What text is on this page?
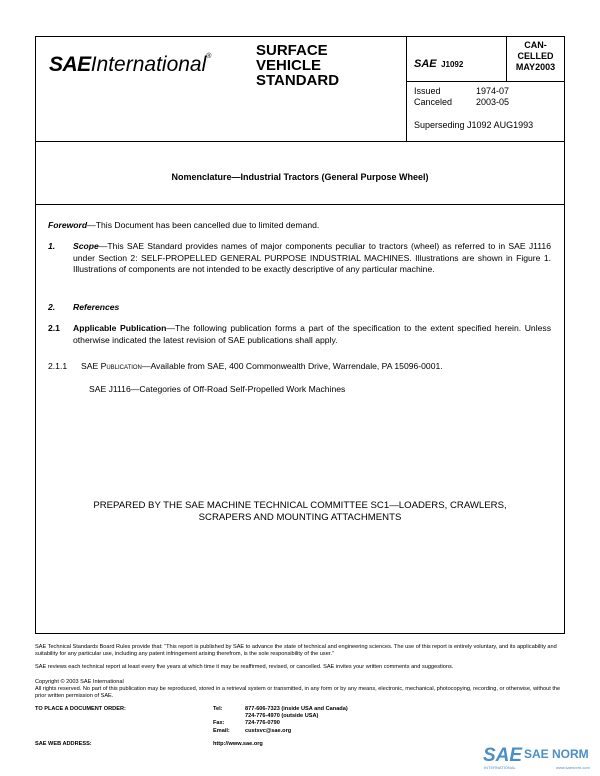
SAEInternational®	SURFACE
VEHICLE
STANDARD
SAE J1092
CAN-
CELLED
MAY2003
Issued	1974-07
Canceled	2003-05
Superseding J1092 AUG1993
Nomenclature—Industrial Tractors (General Purpose Wheel)
Foreword—This Document has been cancelled due to limited demand.
1. Scope—This SAE Standard provides names of major components peculiar to tractors (wheel) as referred to in SAE J1116 under Section 2: SELF-PROPELLED GENERAL PURPOSE INDUSTRIAL MACHINES. Illustrations are shown in Figure 1. Illustrations of components are not intended to be exactly descriptive of any particular machine.
2. References
2.1 Applicable Publication—The following publication forms a part of the specification to the extent specified herein. Unless otherwise indicated the latest revision of SAE publications shall apply.
2.1.1 SAE Publication—Available from SAE, 400 Commonwealth Drive, Warrendale, PA 15096-0001.
SAE J1116—Categories of Off-Road Self-Propelled Work Machines
PREPARED BY THE SAE MACHINE TECHNICAL COMMITTEE SC1—LOADERS, CRAWLERS,
SCRAPERS AND MOUNTING ATTACHMENTS
SAE Technical Standards Board Rules provide that: “This report is published by SAE to advance the state of technical and engineering sciences. The use of this report is entirely voluntary, and its applicability and suitability for any particular use, including any patent infringement arising therefrom, is the sole responsibility of the user.”
SAE reviews each technical report at least every five years at which time it may be reaffirmed, revised, or cancelled. SAE invites your written comments and suggestions.
Copyright © 2003 SAE International
All rights reserved. No part of this publication may be reproduced, stored in a retrieval system or transmitted, in any form or by any means, electronic, mechanical, photocopying, recording, or otherwise, without the prior written permission of SAE.
TO PLACE A DOCUMENT ORDER:	Tel:	877-606-7323 (inside USA and Canada)
724-776-4970 (outside USA)
Fax:	724-776-0790
Email:	custsvc@sae.org
SAE WEB ADDRESS:	http://www.sae.org
SAE
INTERNATIONAL	www.saenorm.com
SAE NORM
